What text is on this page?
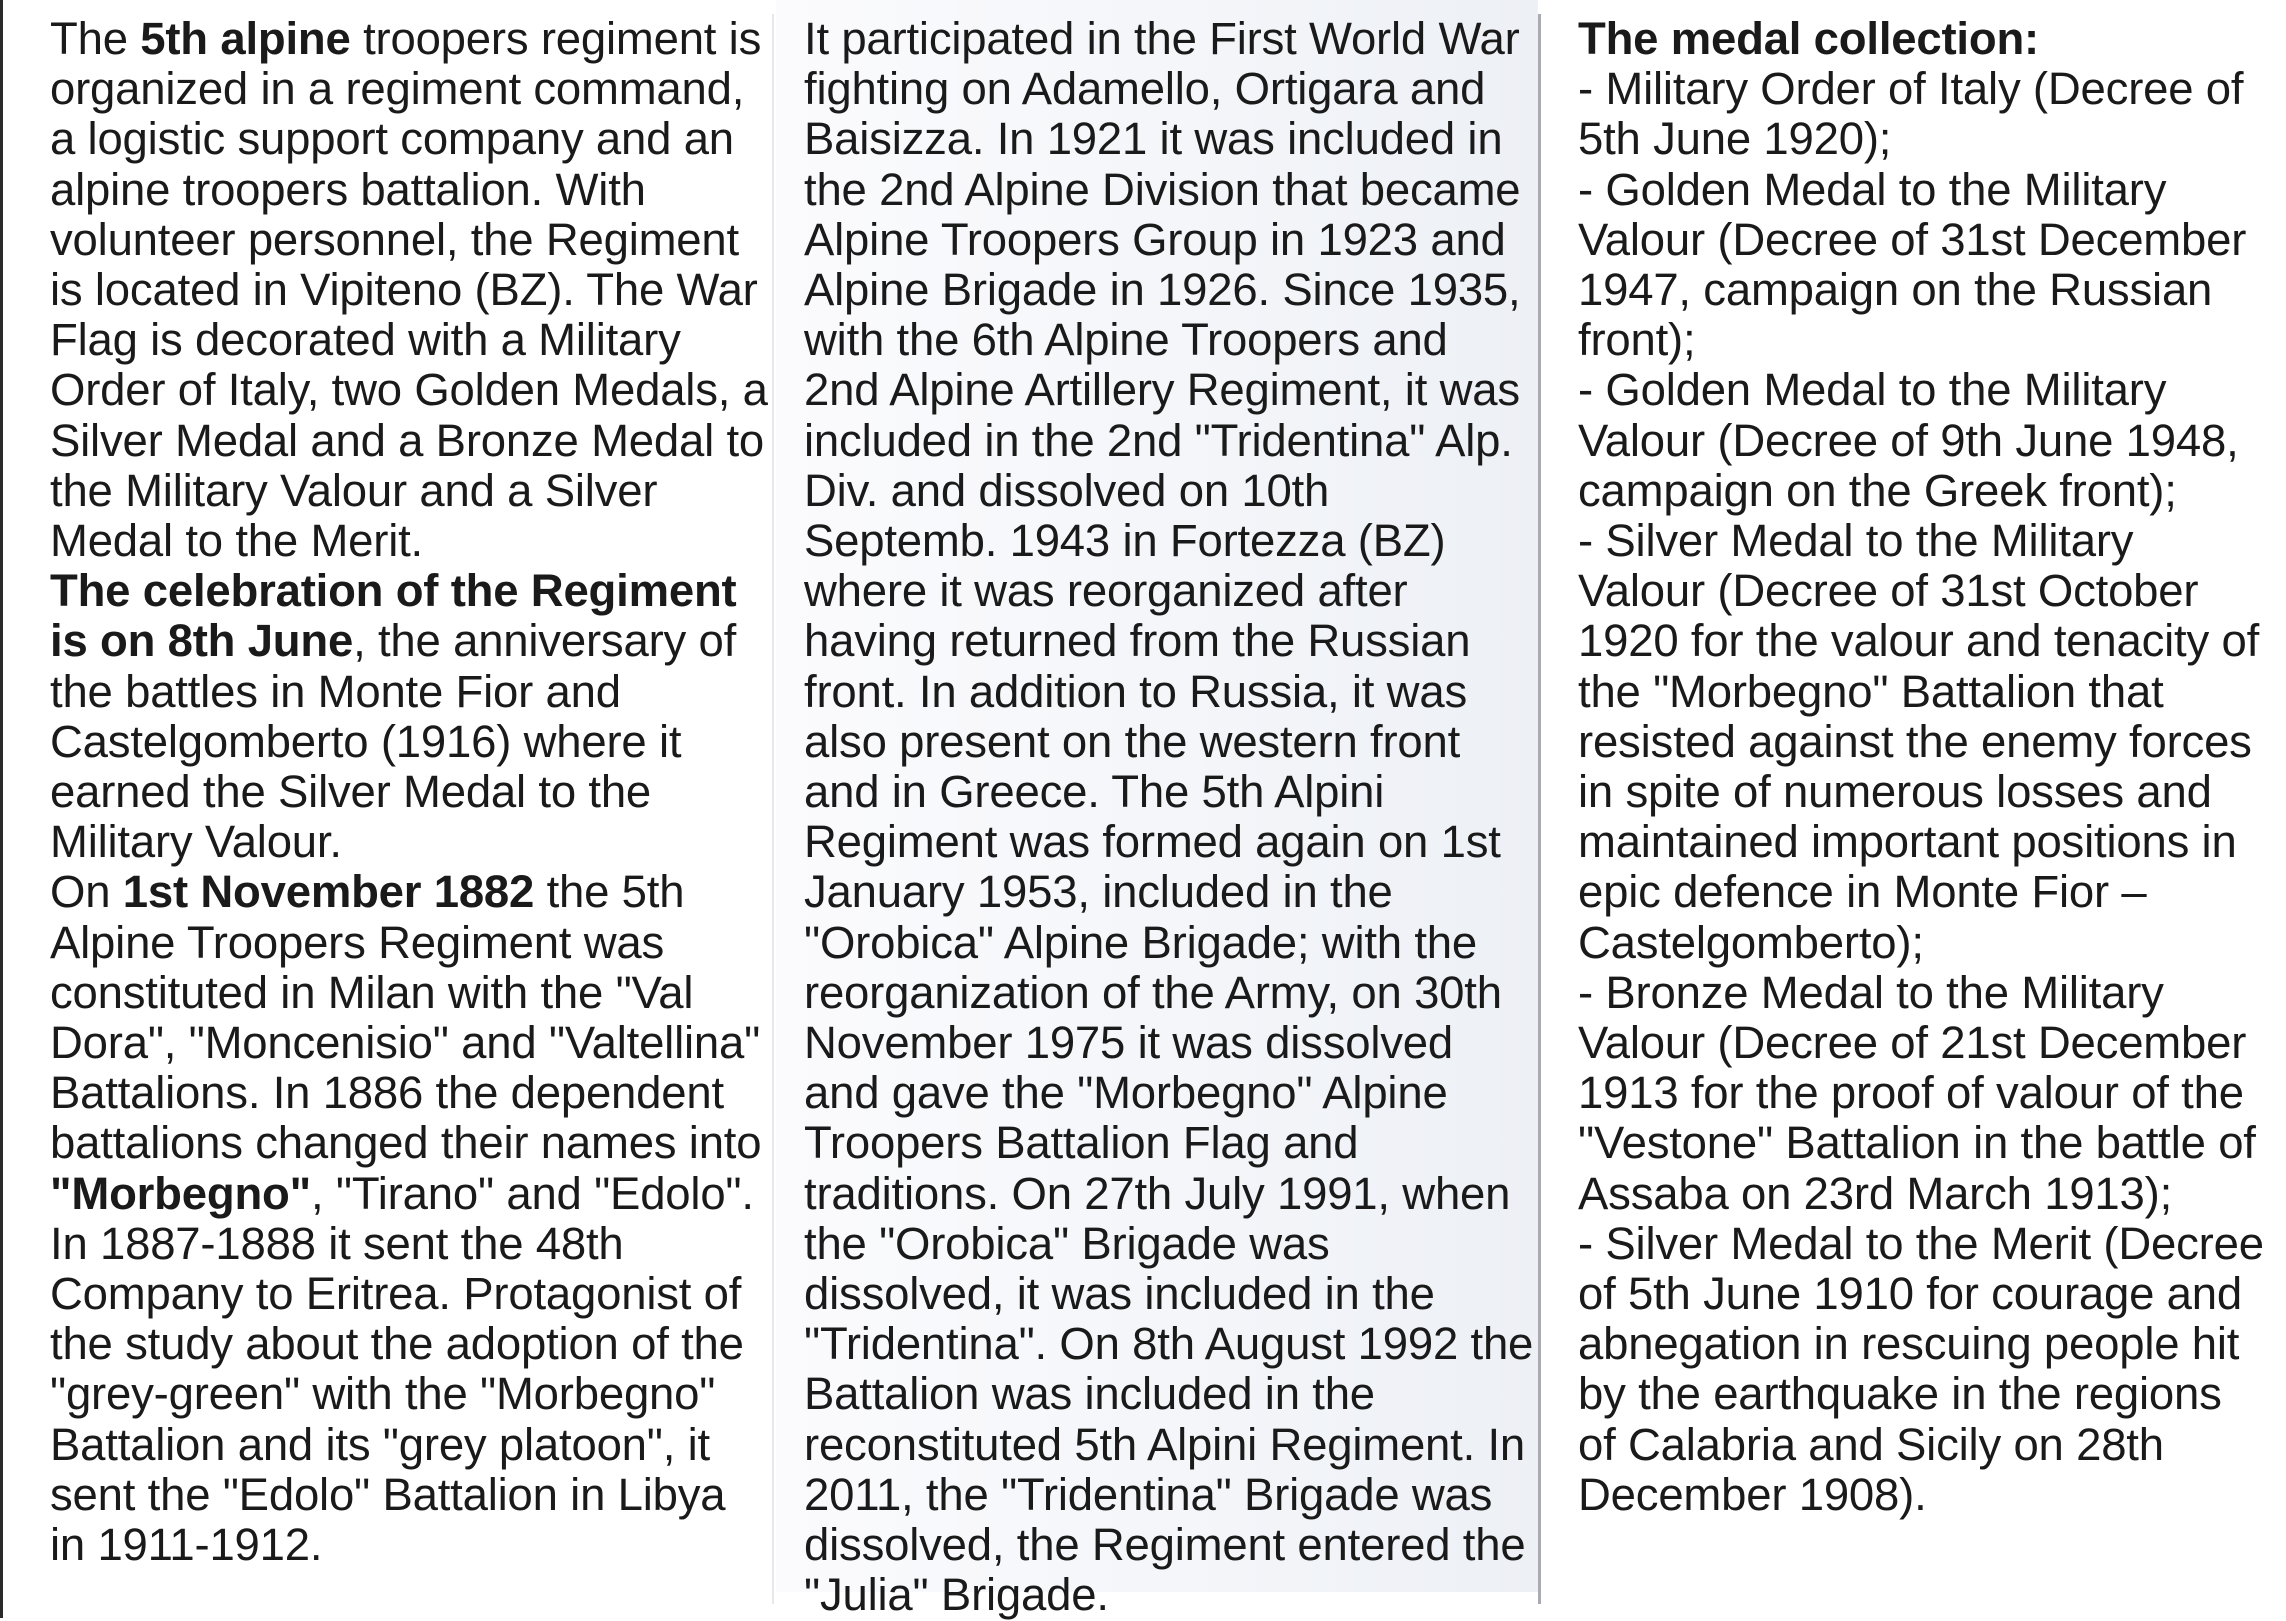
The 5th alpine troopers regiment is organized in a regiment command, a logistic support company and an alpine troopers battalion. With volunteer personnel, the Regiment is located in Vipiteno (BZ). The War Flag is decorated with a Military Order of Italy, two Golden Medals, a Silver Medal and a Bronze Medal to the Military Valour and a Silver Medal to the Merit.

The celebration of the Regiment is on 8th June, the anniversary of the battles in Monte Fior and Castelgomberto (1916) where it earned the Silver Medal to the Military Valour.

On 1st November 1882 the 5th Alpine Troopers Regiment was constituted in Milan with the "Val Dora", "Moncenisio" and "Valtellina" Battalions. In 1886 the dependent battalions changed their names into "Morbegno", "Tirano" and "Edolo". In 1887-1888 it sent the 48th Company to Eritrea. Protagonist of the study about the adoption of the "grey-green" with the "Morbegno" Battalion and its "grey platoon", it sent the "Edolo" Battalion in Libya in 1911-1912.

It participated in the First World War fighting on Adamello, Ortigara and Baisizza. In 1921 it was included in the 2nd Alpine Division that became Alpine Troopers Group in 1923 and Alpine Brigade in 1926. Since 1935, with the 6th Alpine Troopers and 2nd Alpine Artillery Regiment, it was included in the 2nd "Tridentina" Alp. Div. and dissolved on 10th Septemb. 1943 in Fortezza (BZ) where it was reorganized after having returned from the Russian front. In addition to Russia, it was also present on the western front and in Greece. The 5th Alpini Regiment was formed again on 1st January 1953, included in the "Orobica" Alpine Brigade; with the reorganization of the Army, on 30th November 1975 it was dissolved and gave the "Morbegno" Alpine Troopers Battalion Flag and traditions. On 27th July 1991, when the "Orobica" Brigade was dissolved, it was included in the "Tridentina". On 8th August 1992 the Battalion was included in the reconstituted 5th Alpini Regiment. In 2011, the "Tridentina" Brigade was dissolved, the Regiment entered the "Julia" Brigade.

The medal collection:

- Military Order of Italy (Decree of 5th June 1920);

- Golden Medal to the Military Valour (Decree of 31st December 1947, campaign on the Russian front);

- Golden Medal to the Military Valour (Decree of 9th June 1948, campaign on the Greek front);

- Silver Medal to the Military Valour (Decree of 31st October 1920 for the valour and tenacity of the "Morbegno" Battalion that resisted against the enemy forces in spite of numerous losses and maintained important positions in epic defence in Monte Fior – Castelgomberto);

- Bronze Medal to the Military Valour (Decree of 21st December 1913 for the proof of valour of the "Vestone" Battalion in the battle of Assaba on 23rd March 1913);

- Silver Medal to the Merit (Decree of 5th June 1910 for courage and abnegation in rescuing people hit by the earthquake in the regions of Calabria and Sicily on 28th December 1908).
